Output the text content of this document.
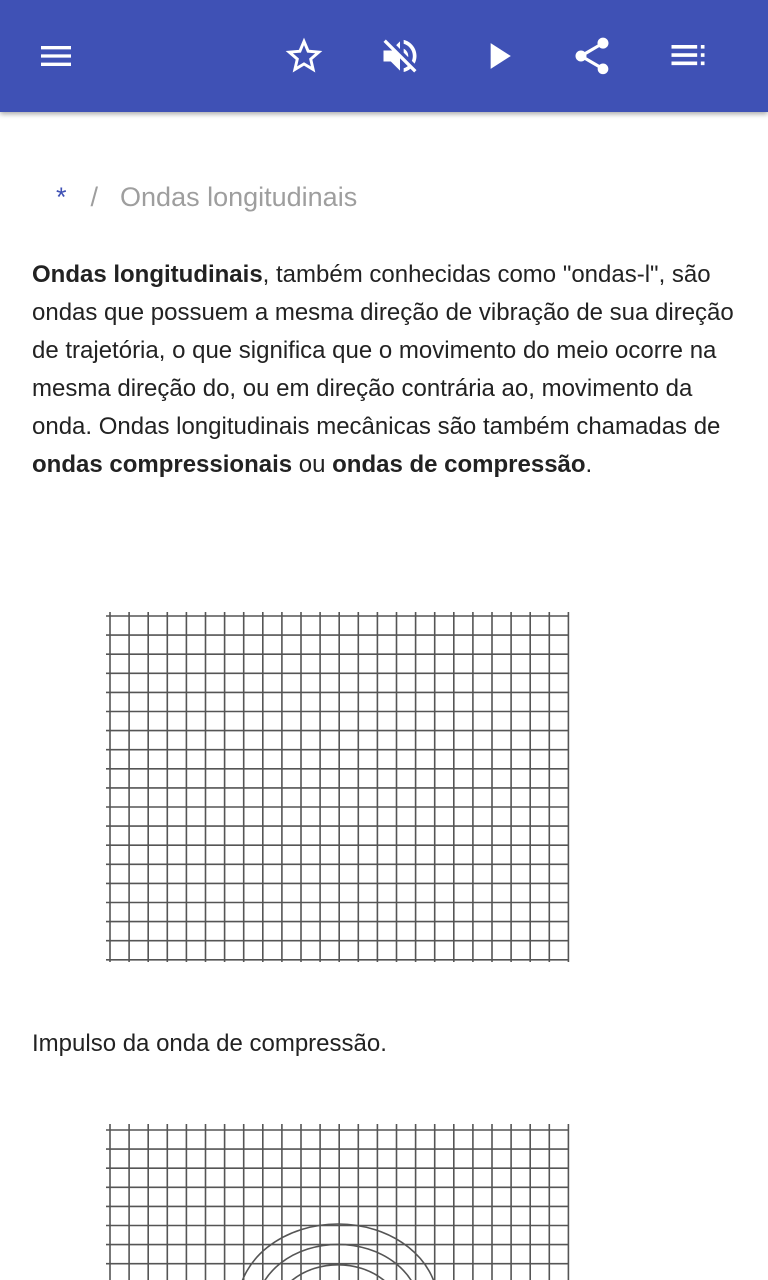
* / Ondas longitudinais

Ondas longitudinais, também conhecidas como "ondas-l", são ondas que possuem a mesma direção de vibração de sua direção de trajetória, o que significa que o movimento do meio ocorre na mesma direção do, ou em direção contrária ao, movimento da onda. Ondas longitudinais mecânicas são também chamadas de ondas compressionais ou ondas de compressão.

Impulso da onda de compressão.
